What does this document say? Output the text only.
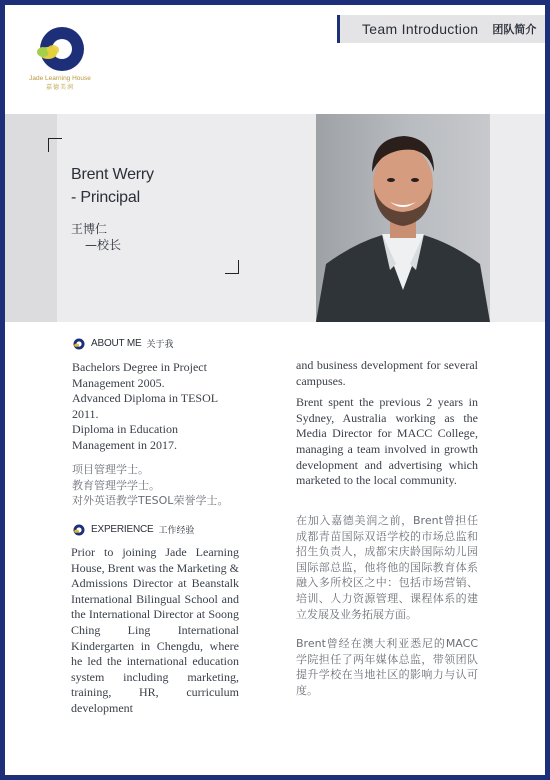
Team Introduction 团队简介
Jade Learning House
嘉德美润
Brent Werry
- Principal
王博仁
—校长
ABOUT ME 关于我

Bachelors Degree in Project Management 2005.

Advanced Diploma in TESOL 2011.

Diploma in Education Management in 2017.

项目管理学士。

教育管理学学士。

对外英语教学TESOL荣誉学士。

EXPERIENCE 工作经验

Prior to joining Jade Learning House, Brent was the Marketing & Admissions Director at Beanstalk International Bilingual School and the International Director at Soong Ching Ling International Kindergarten in Chengdu, where he led the international education system including marketing, training, HR, curriculum development

and business development for several campuses.

Brent spent the previous 2 years in Sydney, Australia working as the Media Director for MACC College, managing a team involved in growth development and advertising which marketed to the local community.

在加入嘉德美润之前，Brent曾担任成都青苗国际双语学校的市场总监和招生负责人，成都宋庆龄国际幼儿园国际部总监，他将他的国际教育体系融入多所校区之中：包括市场营销、培训、人力资源管理、课程体系的建立发展及业务拓展方面。

Brent曾经在澳大利亚悉尼的MACC学院担任了两年媒体总监，带领团队提升学校在当地社区的影响力与认可度。
